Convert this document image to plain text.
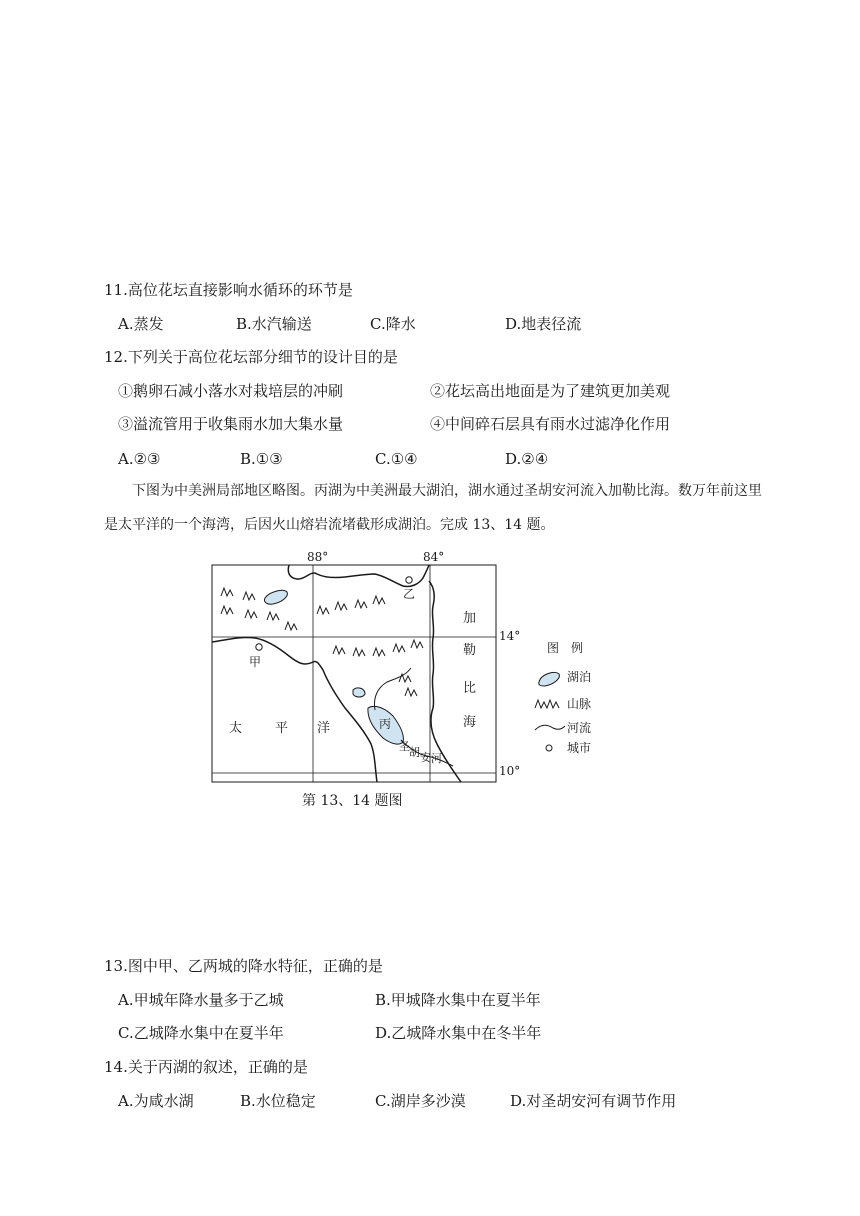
11.高位花坛直接影响水循环的环节是
A.蒸发	B.水汽输送	C.降水	D.地表径流
12.下列关于高位花坛部分细节的设计目的是
①鹅卵石减小落水对栽培层的冲刷	②花坛高出地面是为了建筑更加美观
③溢流管用于收集雨水加大集水量	④中间碎石层具有雨水过滤净化作用
A.②③	B.①③	C.①④	D.②④
下图为中美洲局部地区略图。丙湖为中美洲最大湖泊，湖水通过圣胡安河流入加勒比海。数万年前这里是太平洋的一个海湾，后因火山熔岩流堵截形成湖泊。完成 13、14 题。
88°	84°
14°
10°
甲
乙
丙
加
勒
比
海
太	平 洋
圣 胡 安 河
图　例
湖泊
山脉
河流
城市
第 13、14 题图
13.图中甲、乙两城的降水特征，正确的是
A.甲城年降水量多于乙城	B.甲城降水集中在夏半年
C.乙城降水集中在夏半年	D.乙城降水集中在冬半年
14.关于丙湖的叙述，正确的是
A.为咸水湖	B.水位稳定	C.湖岸多沙漠	D.对圣胡安河有调节作用
